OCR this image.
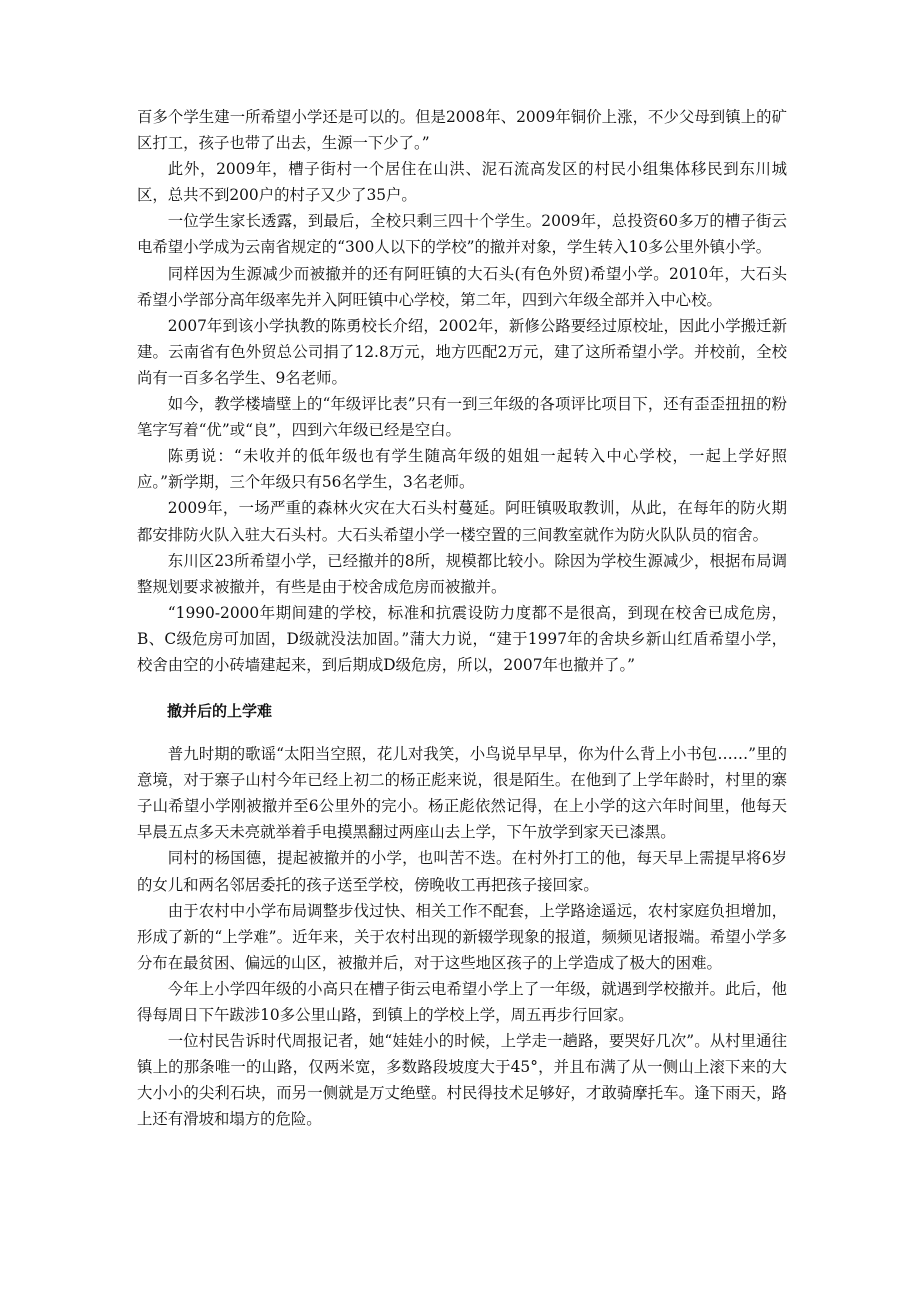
百多个学生建一所希望小学还是可以的。但是2008年、2009年铜价上涨，不少父母到镇上的矿区打工，孩子也带了出去，生源一下少了。”

此外，2009年，槽子街村一个居住在山洪、泥石流高发区的村民小组集体移民到东川城区，总共不到200户的村子又少了35户。

一位学生家长透露，到最后，全校只剩三四十个学生。2009年，总投资60多万的槽子街云电希望小学成为云南省规定的“300人以下的学校”的撤并对象，学生转入10多公里外镇小学。

同样因为生源减少而被撤并的还有阿旺镇的大石头(有色外贸)希望小学。2010年，大石头希望小学部分高年级率先并入阿旺镇中心学校，第二年，四到六年级全部并入中心校。

2007年到该小学执教的陈勇校长介绍，2002年，新修公路要经过原校址，因此小学搬迁新建。云南省有色外贸总公司捐了12.8万元，地方匹配2万元，建了这所希望小学。并校前，全校尚有一百多名学生、9名老师。

如今，教学楼墙壁上的“年级评比表”只有一到三年级的各项评比项目下，还有歪歪扭扭的粉笔字写着“优”或“良”，四到六年级已经是空白。

陈勇说：“未收并的低年级也有学生随高年级的姐姐一起转入中心学校，一起上学好照应。”新学期，三个年级只有56名学生，3名老师。

2009年，一场严重的森林火灾在大石头村蔓延。阿旺镇吸取教训，从此，在每年的防火期都安排防火队入驻大石头村。大石头希望小学一楼空置的三间教室就作为防火队队员的宿舍。

东川区23所希望小学，已经撤并的8所，规模都比较小。除因为学校生源减少，根据布局调整规划要求被撤并，有些是由于校舍成危房而被撤并。

“1990-2000年期间建的学校，标准和抗震设防力度都不是很高，到现在校舍已成危房，B、C级危房可加固，D级就没法加固。”蒲大力说，“建于1997年的舍块乡新山红盾希望小学，校舍由空的小砖墙建起来，到后期成D级危房，所以，2007年也撤并了。”

撤并后的上学难

普九时期的歌谣“太阳当空照，花儿对我笑，小鸟说早早早，你为什么背上小书包……”里的意境，对于寨子山村今年已经上初二的杨正彪来说，很是陌生。在他到了上学年龄时，村里的寨子山希望小学刚被撤并至6公里外的完小。杨正彪依然记得，在上小学的这六年时间里，他每天早晨五点多天未亮就举着手电摸黑翻过两座山去上学，下午放学到家天已漆黑。

同村的杨国德，提起被撤并的小学，也叫苦不迭。在村外打工的他，每天早上需提早将6岁的女儿和两名邻居委托的孩子送至学校，傍晚收工再把孩子接回家。

由于农村中小学布局调整步伐过快、相关工作不配套，上学路途遥远，农村家庭负担增加，形成了新的“上学难”。近年来，关于农村出现的新辍学现象的报道，频频见诸报端。希望小学多分布在最贫困、偏远的山区，被撤并后，对于这些地区孩子的上学造成了极大的困难。

今年上小学四年级的小高只在槽子街云电希望小学上了一年级，就遇到学校撤并。此后，他得每周日下午跋涉10多公里山路，到镇上的学校上学，周五再步行回家。

一位村民告诉时代周报记者，她“娃娃小的时候，上学走一趟路，要哭好几次”。从村里通往镇上的那条唯一的山路，仅两米宽，多数路段坡度大于45°，并且布满了从一侧山上滚下来的大大小小的尖利石块，而另一侧就是万丈绝壁。村民得技术足够好，才敢骑摩托车。逢下雨天，路上还有滑坡和塌方的危险。
